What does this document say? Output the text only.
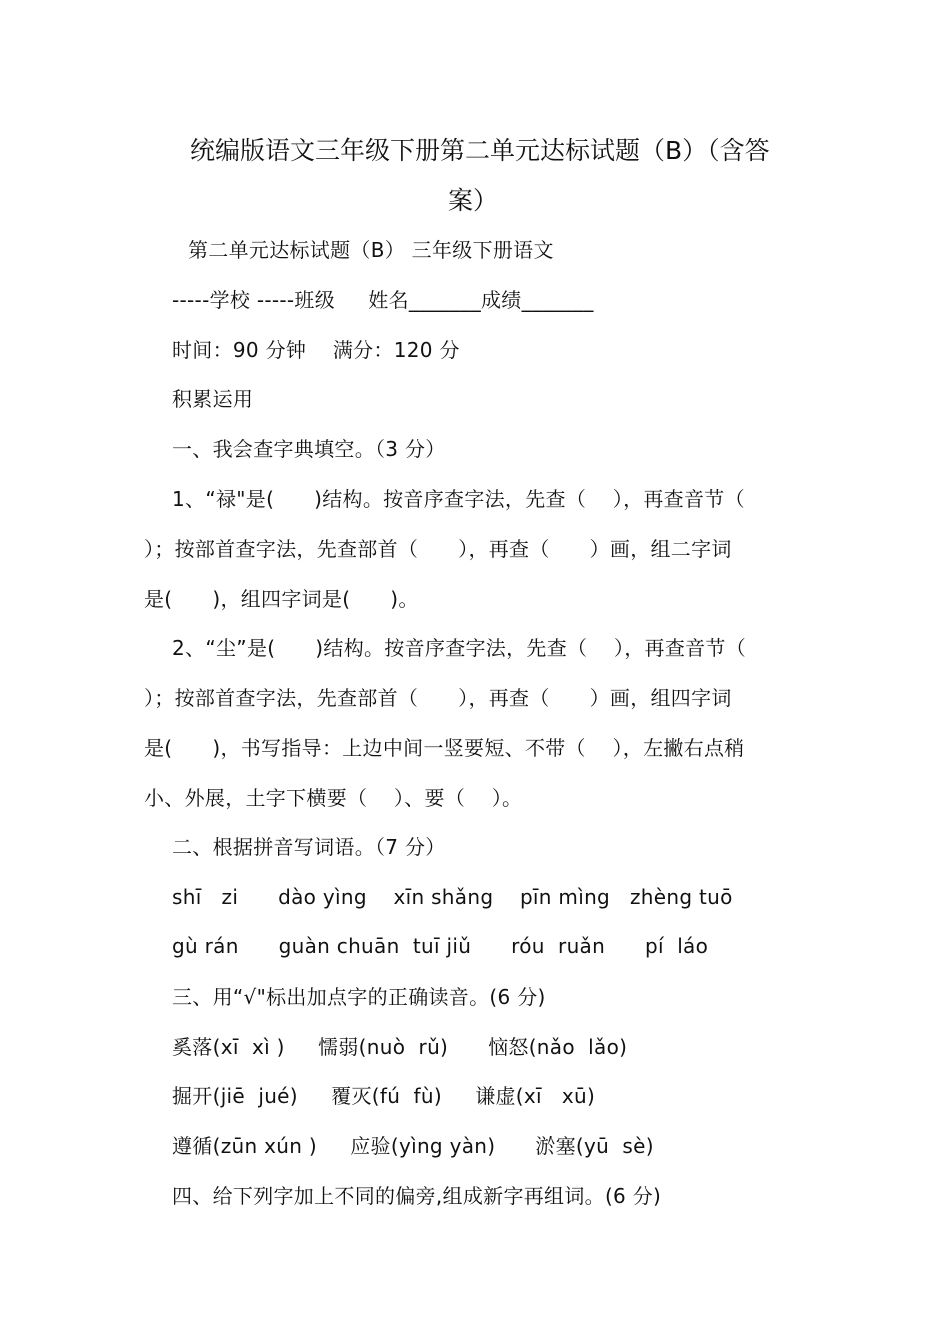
统编版语文三年级下册第二单元达标试题（B）（含答
案）
第二单元达标试题（B） 三年级下册语文
-----学校 -----班级     姓名_______成绩_______
时间：90 分钟    满分：120 分
积累运用
一、我会查字典填空。（3 分）
1、“禄"是(      )结构。按音序查字法，先查（    ），再查音节（
）；按部首查字法，先查部首（      ），再查（      ）画，组二字词
是(      )，组四字词是(      )。
2、“尘”是(      )结构。按音序查字法，先查（    ），再查音节（
）；按部首查字法，先查部首（      ），再查（      ）画，组四字词
是(      )，书写指导：上边中间一竖要短、不带（    ），左撇右点稍
小、外展，土字下横要（    ）、要（    ）。
二、根据拼音写词语。（7 分）
shī   zi      dào yìng    xīn shǎng    pīn mìng   zhèng tuō
gù rán      guàn chuān  tuī jiǔ      róu  ruǎn      pí  láo
三、用“√"标出加点字的正确读音。(6 分)
奚落(xī  xì )     懦弱(nuò  rǔ)      恼怒(nǎo  lǎo)
掘开(jiē  jué)     覆灭(fú  fù)     谦虚(xī   xū)
遵循(zūn xún )     应验(yìng yàn)      淤塞(yū  sè)
四、给下列字加上不同的偏旁,组成新字再组词。(6 分)
